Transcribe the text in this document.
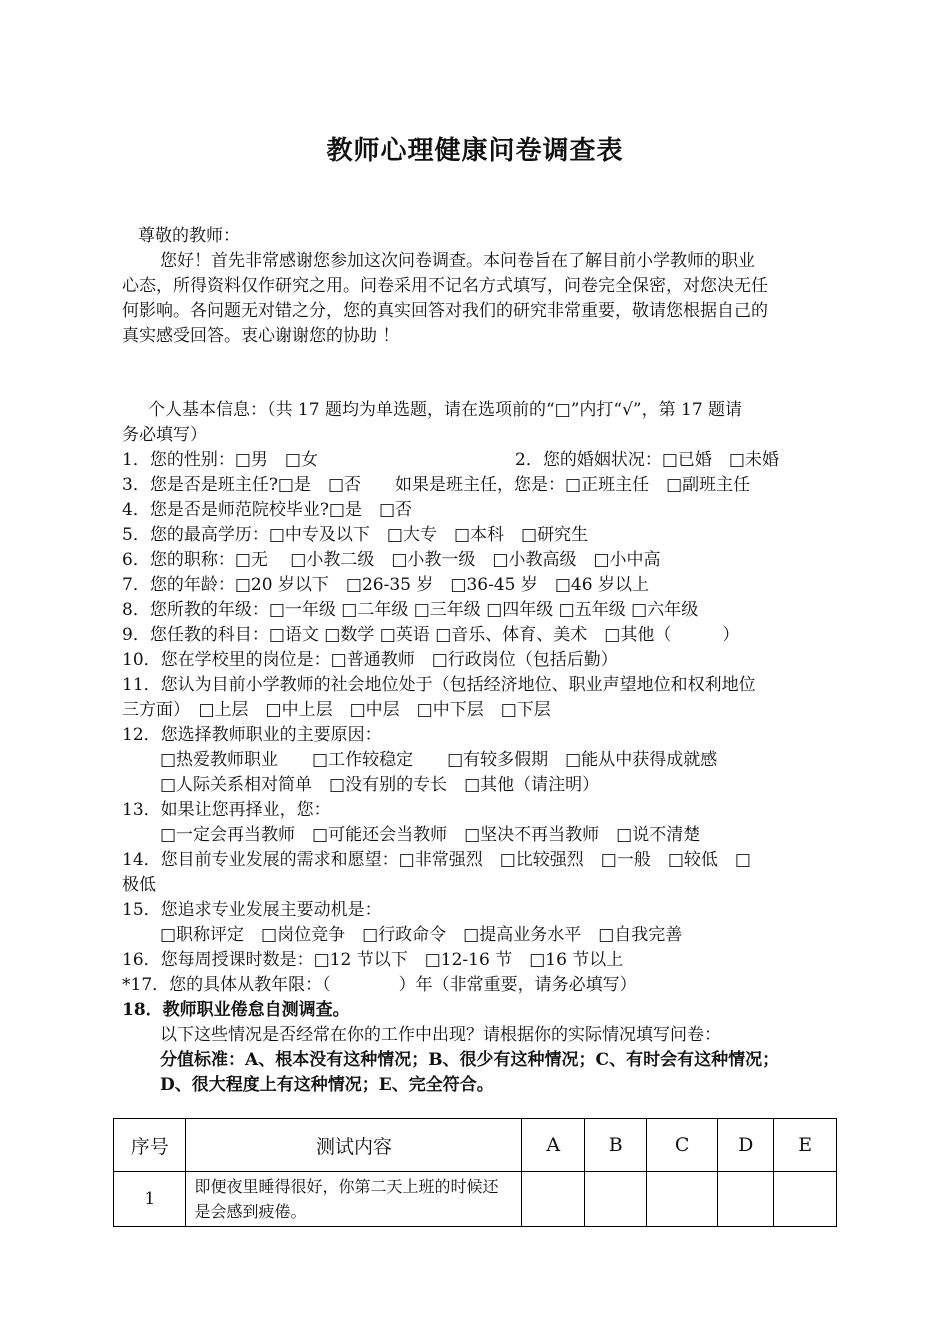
教师心理健康问卷调查表
尊敬的教师：
您好！首先非常感谢您参加这次问卷调查。本问卷旨在了解目前小学教师的职业
心态，所得资料仅作研究之用。问卷采用不记名方式填写，问卷完全保密，对您决无任
何影响。各问题无对错之分，您的真实回答对我们的研究非常重要，敬请您根据自己的
真实感受回答。衷心谢谢您的协助 ！
个人基本信息：（共 17 题均为单选题，请在选项前的“□”内打“√”，第 17 题请
务必填写）
1．您的性别：□男　□女	2．您的婚姻状况：□已婚　□未婚
3．您是否是班主任?□是　□否　　如果是班主任，您是：□正班主任　□副班主任
4．您是否是师范院校毕业?□是　□否
5．您的最高学历：□中专及以下　□大专　□本科　□研究生
6．您的职称：□无　 □小教二级　□小教一级　□小教高级　□小中高
7．您的年龄：□20 岁以下　□26-35 岁　□36-45 岁　□46 岁以上
8．您所教的年级：□一年级 □二年级 □三年级 □四年级 □五年级 □六年级
9．您任教的科目：□语文 □数学 □英语 □音乐、体育、美术　□其他（　　　）
10．您在学校里的岗位是：□普通教师　□行政岗位（包括后勤）
11．您认为目前小学教师的社会地位处于（包括经济地位、职业声望地位和权利地位
三方面）　□上层　□中上层　□中层　□中下层　□下层
12．您选择教师职业的主要原因：
□热爱教师职业　　□工作较稳定　　□有较多假期　□能从中获得成就感
□人际关系相对简单　□没有别的专长　□其他（请注明）
13．如果让您再择业，您：
□一定会再当教师　□可能还会当教师　□坚决不再当教师　□说不清楚
14．您目前专业发展的需求和愿望：□非常强烈　□比较强烈　□一般　□较低　□
极低
15．您追求专业发展主要动机是：
□职称评定　□岗位竞争　□行政命令　□提高业务水平　□自我完善
16．您每周授课时数是：□12 节以下　□12-16 节　□16 节以上
*17．您的具体从教年限：（　　　　）年（非常重要，请务必填写）
18．教师职业倦怠自测调查。
以下这些情况是否经常在你的工作中出现？请根据你的实际情况填写问卷：
分值标准：A、根本没有这种情况；B、很少有这种情况；C、有时会有这种情况；
D、很大程度上有这种情况；E、完全符合。
序号	测试内容	A	B	C	D	E
1	即便夜里睡得很好，你第二天上班的时候还是会感到疲倦。					
